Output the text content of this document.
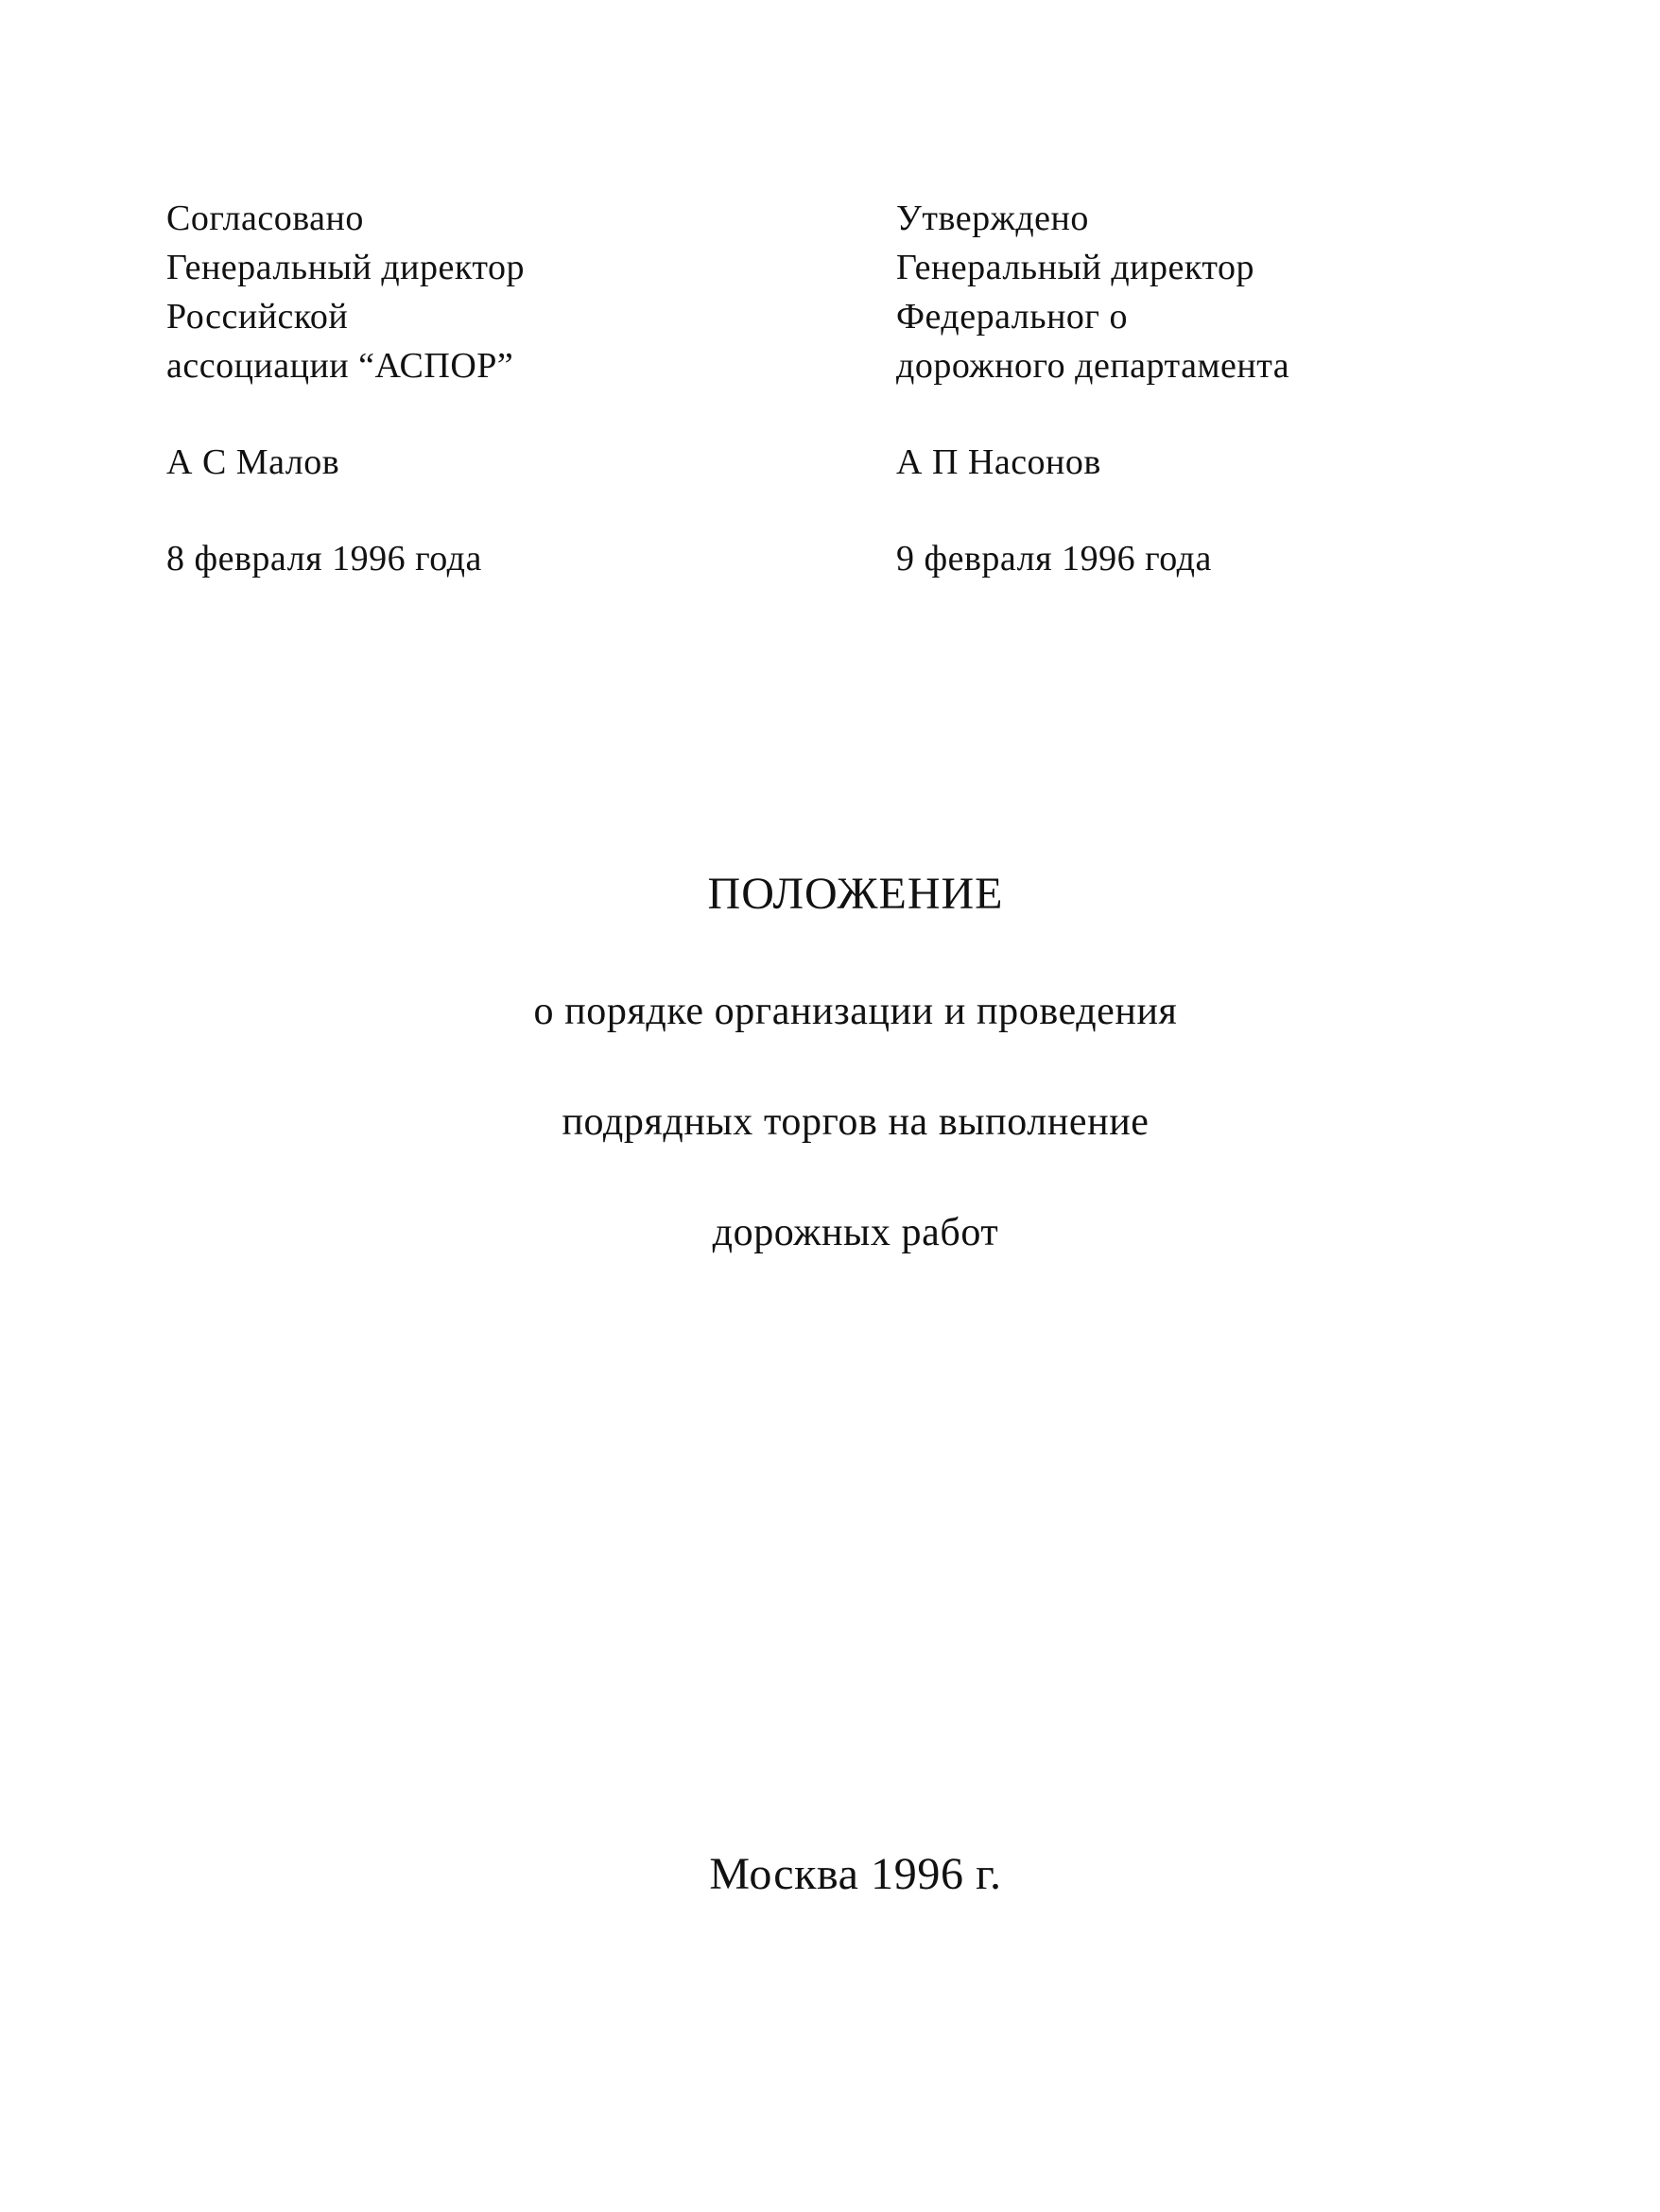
Согласовано
Генеральный директор
Российской
ассоциации “АСПОР”
А С Малов
8 февраля 1996 года
Утверждено
Генеральный директор
Федеральног о
дорожного департамента
А П Насонов
9 февраля 1996 года
ПОЛОЖЕНИЕ
о порядке организации и проведения
подрядных торгов на выполнение
дорожных работ
Москва 1996 г.
